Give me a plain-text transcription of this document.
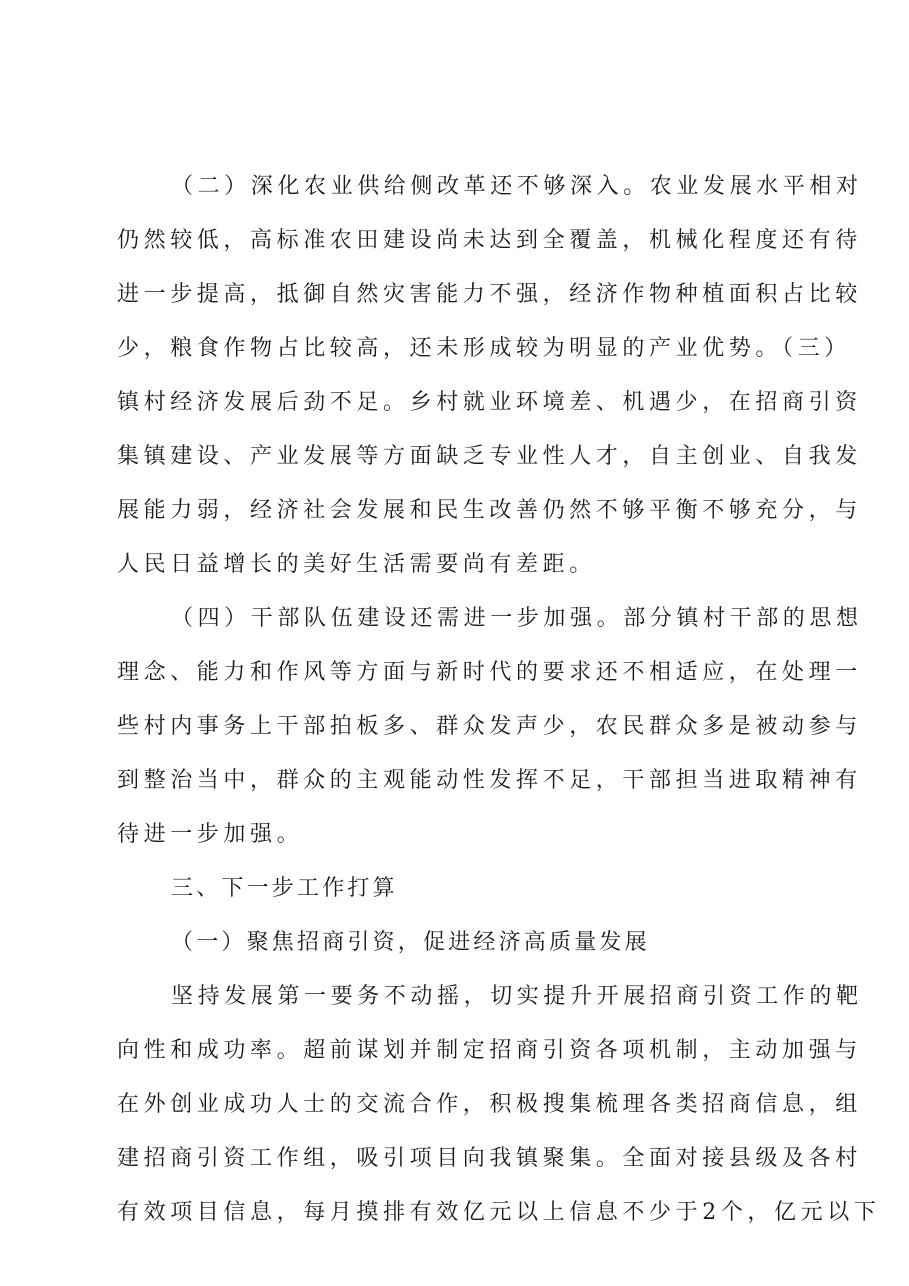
（二）深化农业供给侧改革还不够深入。农业发展水平相对
仍然较低，高标准农田建设尚未达到全覆盖，机械化程度还有待
进一步提高，抵御自然灾害能力不强，经济作物种植面积占比较
少，粮食作物占比较高，还未形成较为明显的产业优势。（三）
镇村经济发展后劲不足。乡村就业环境差、机遇少，在招商引资
集镇建设、产业发展等方面缺乏专业性人才，自主创业、自我发
展能力弱，经济社会发展和民生改善仍然不够平衡不够充分，与
人民日益增长的美好生活需要尚有差距。
（四）干部队伍建设还需进一步加强。部分镇村干部的思想
理念、能力和作风等方面与新时代的要求还不相适应，在处理一
些村内事务上干部拍板多、群众发声少，农民群众多是被动参与
到整治当中，群众的主观能动性发挥不足，干部担当进取精神有
待进一步加强。
三、下一步工作打算
（一）聚焦招商引资，促进经济高质量发展
坚持发展第一要务不动摇，切实提升开展招商引资工作的靶
向性和成功率。超前谋划并制定招商引资各项机制，主动加强与
在外创业成功人士的交流合作，积极搜集梳理各类招商信息，组
建招商引资工作组，吸引项目向我镇聚集。全面对接县级及各村
有效项目信息，每月摸排有效亿元以上信息不少于2个，亿元以下
